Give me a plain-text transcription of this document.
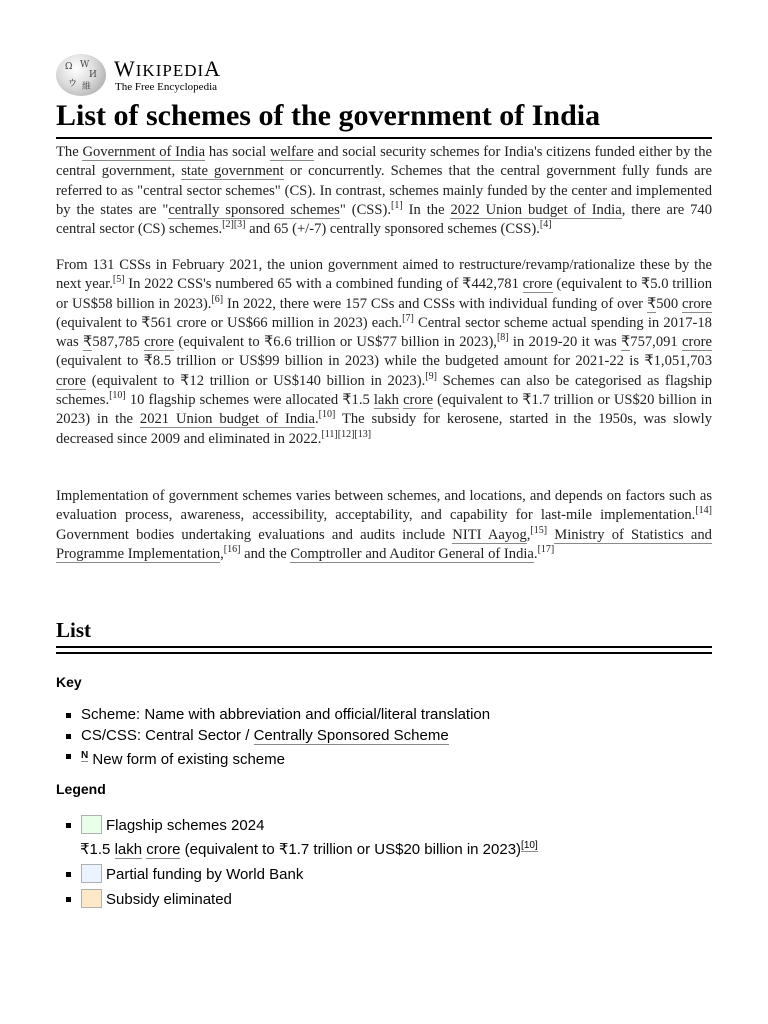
Ω W
И
ウ 維
WIKIPEDIA
The Free Encyclopedia
List of schemes of the government of India

The Government of India has social welfare and social security schemes for India's citizens funded either by the central government, state government or concurrently. Schemes that the central government fully funds are referred to as "central sector schemes" (CS). In contrast, schemes mainly funded by the center and implemented by the states are "centrally sponsored schemes" (CSS).[1] In the 2022 Union budget of India, there are 740 central sector (CS) schemes.[2][3] and 65 (+/-7) centrally sponsored schemes (CSS).[4]

From 131 CSSs in February 2021, the union government aimed to restructure/revamp/rationalize these by the next year.[5] In 2022 CSS's numbered 65 with a combined funding of ₹442,781 crore (equivalent to ₹5.0 trillion or US$58 billion in 2023).[6] In 2022, there were 157 CSs and CSSs with individual funding of over ₹500 crore (equivalent to ₹561 crore or US$66 million in 2023) each.[7] Central sector scheme actual spending in 2017-18 was ₹587,785 crore (equivalent to ₹6.6 trillion or US$77 billion in 2023),[8] in 2019-20 it was ₹757,091 crore (equivalent to ₹8.5 trillion or US$99 billion in 2023) while the budgeted amount for 2021-22 is ₹1,051,703 crore (equivalent to ₹12 trillion or US$140 billion in 2023).[9] Schemes can also be categorised as flagship schemes.[10] 10 flagship schemes were allocated ₹1.5 lakh crore (equivalent to ₹1.7 trillion or US$20 billion in 2023) in the 2021 Union budget of India.[10] The subsidy for kerosene, started in the 1950s, was slowly decreased since 2009 and eliminated in 2022.[11][12][13]

Implementation of government schemes varies between schemes, and locations, and depends on factors such as evaluation process, awareness, accessibility, acceptability, and capability for last-mile implementation.[14] Government bodies undertaking evaluations and audits include NITI Aayog,[15] Ministry of Statistics and Programme Implementation,[16] and the Comptroller and Auditor General of India.[17]

List
Key
Scheme: Name with abbreviation and official/literal translation
CS/CSS: Central Sector / Centrally Sponsored Scheme
$^N$ New form of existing scheme
Legend
Flagship schemes 2024
₹1.5 lakh crore (equivalent to ₹1.7 trillion or US$20 billion in 2023)[10]
Partial funding by World Bank
Subsidy eliminated
